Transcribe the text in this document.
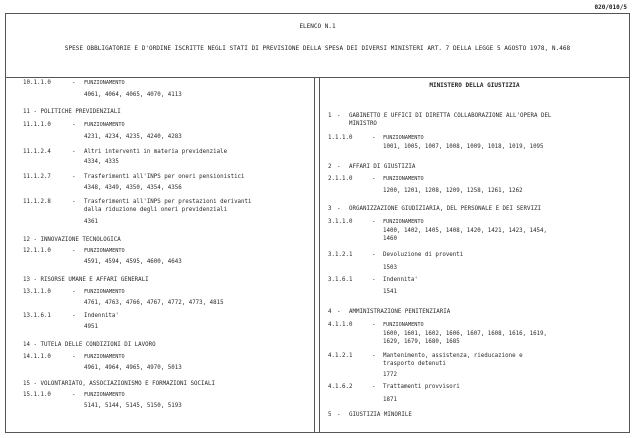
020/010/5
ELENCO N.1
SPESE OBBLIGATORIE E D'ORDINE ISCRITTE NEGLI STATI DI PREVISIONE DELLA SPESA DEI DIVERSI MINISTERI ART. 7 DELLA LEGGE 5 AGOSTO 1978, N.468
10.1.1.0	- FUNZIONAMENTO
4061, 4064, 4065, 4070, 4113
11 - POLITICHE PREVIDENZIALI
11.1.1.0	- FUNZIONAMENTO
4231, 4234, 4235, 4240, 4283
11.1.2.4	- Altri interventi in materia previdenziale
4334, 4335
11.1.2.7	- Trasferimenti all'INPS per oneri pensionistici
4348, 4349, 4350, 4354, 4356
11.1.2.8	- Trasferimenti all'INPS per prestazioni derivanti
dalla riduzione degli oneri previdenziali
4361
12 - INNOVAZIONE TECNOLOGICA
12.1.1.0	- FUNZIONAMENTO
4591, 4594, 4595, 4600, 4643
13 - RISORSE UMANE E AFFARI GENERALI
13.1.1.0	- FUNZIONAMENTO
4761, 4763, 4766, 4767, 4772, 4773, 4815
13.1.6.1	- Indennita'
4951
14 - TUTELA DELLE CONDIZIONI DI LAVORO
14.1.1.0	- FUNZIONAMENTO
4961, 4964, 4965, 4970, 5013
15 - VOLONTARIATO, ASSOCIAZIONISMO E FORMAZIONI SOCIALI
15.1.1.0	- FUNZIONAMENTO
5141, 5144, 5145, 5150, 5193
MINISTERO DELLA GIUSTIZIA
1 - GABINETTO E UFFICI DI DIRETTA COLLABORAZIONE ALL'OPERA DEL
MINISTRO
1.1.1.0	- FUNZIONAMENTO
1001, 1005, 1007, 1008, 1009, 1018, 1019, 1095
2 - AFFARI DI GIUSTIZIA
2.1.1.0	- FUNZIONAMENTO
1200, 1201, 1208, 1209, 1258, 1261, 1262
3 - ORGANIZZAZIONE GIUDIZIARIA, DEL PERSONALE E DEI SERVIZI
3.1.1.0	- FUNZIONAMENTO
1400, 1402, 1405, 1408, 1420, 1421, 1423, 1454,
1460
3.1.2.1	- Devoluzione di proventi
1503
3.1.6.1	- Indennita'
1541
4 - AMMINISTRAZIONE PENITENZIARIA
4.1.1.0	- FUNZIONAMENTO
1600, 1601, 1602, 1606, 1607, 1608, 1616, 1619,
1629, 1679, 1680, 1685
4.1.2.1	- Mantenimento, assistenza, rieducazione e
trasporto detenuti
1772
4.1.6.2	- Trattamenti provvisori
1871
5 - GIUSTIZIA MINORILE
